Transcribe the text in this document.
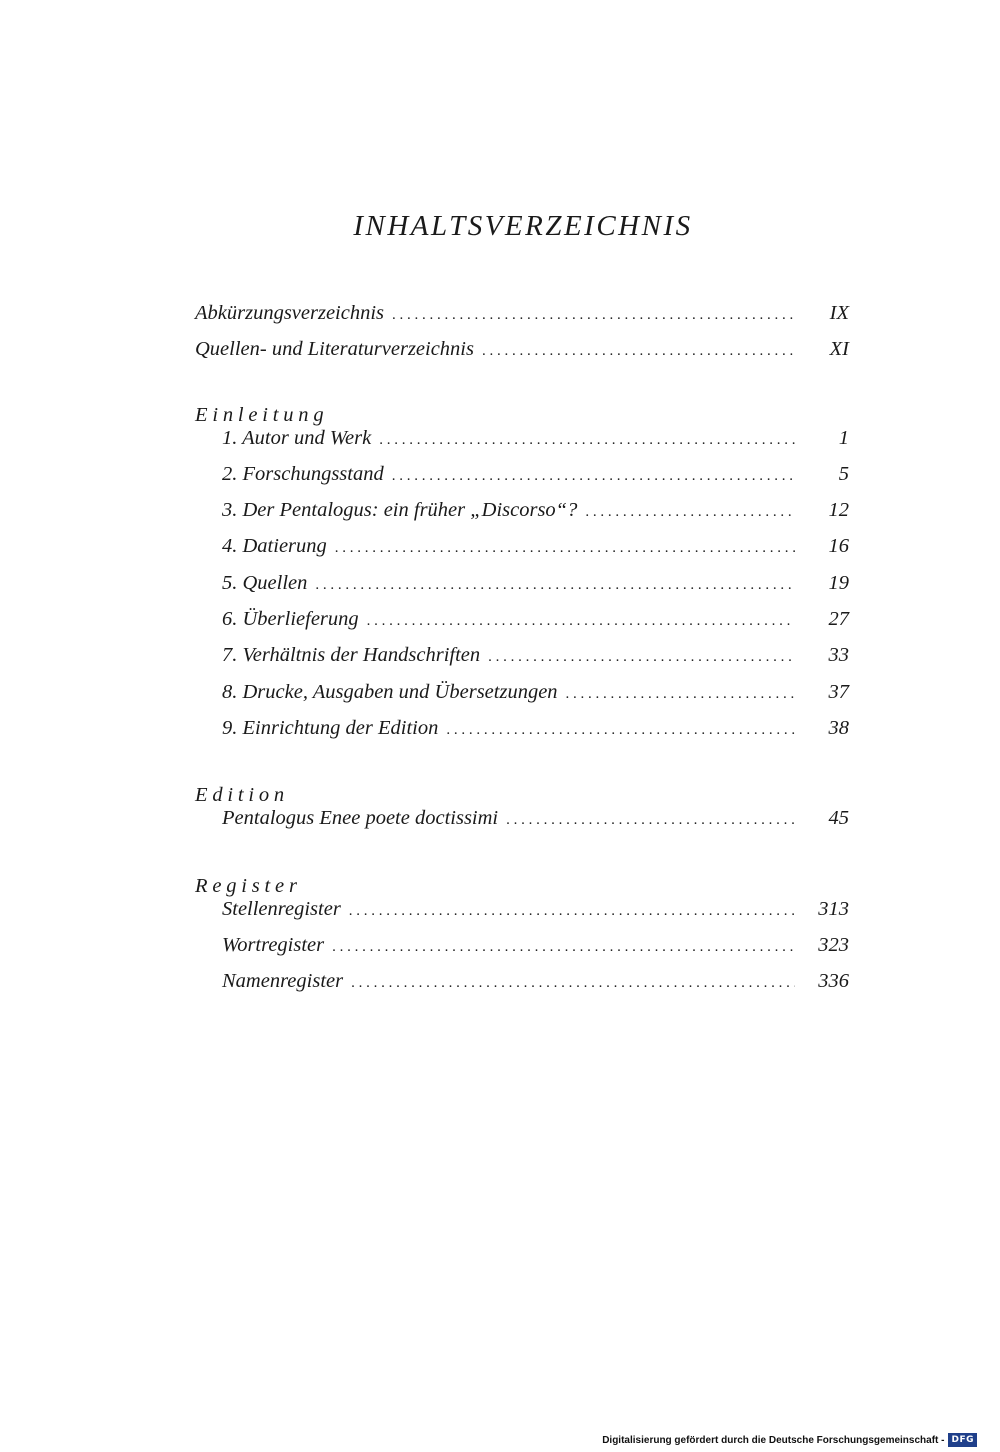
INHALTSVERZEICHNIS
Abkürzungsverzeichnis . . .	IX
Quellen- und Literaturverzeichnis . . .	XI
Einleitung
1. Autor und Werk . . .	1
2. Forschungsstand . . .	5
3. Der Pentalogus: ein früher „Discorso“? . . .	12
4. Datierung . . .	16
5. Quellen . . .	19
6. Überlieferung . . .	27
7. Verhältnis der Handschriften . . .	33
8. Drucke, Ausgaben und Übersetzungen . . .	37
9. Einrichtung der Edition . . .	38
Edition
Pentalogus Enee poete doctissimi . . .	45
Register
Stellenregister . . .	313
Wortregister . . .	323
Namenregister . . .	336
Digitalisierung gefördert durch die Deutsche Forschungsgemeinschaft - DFG
